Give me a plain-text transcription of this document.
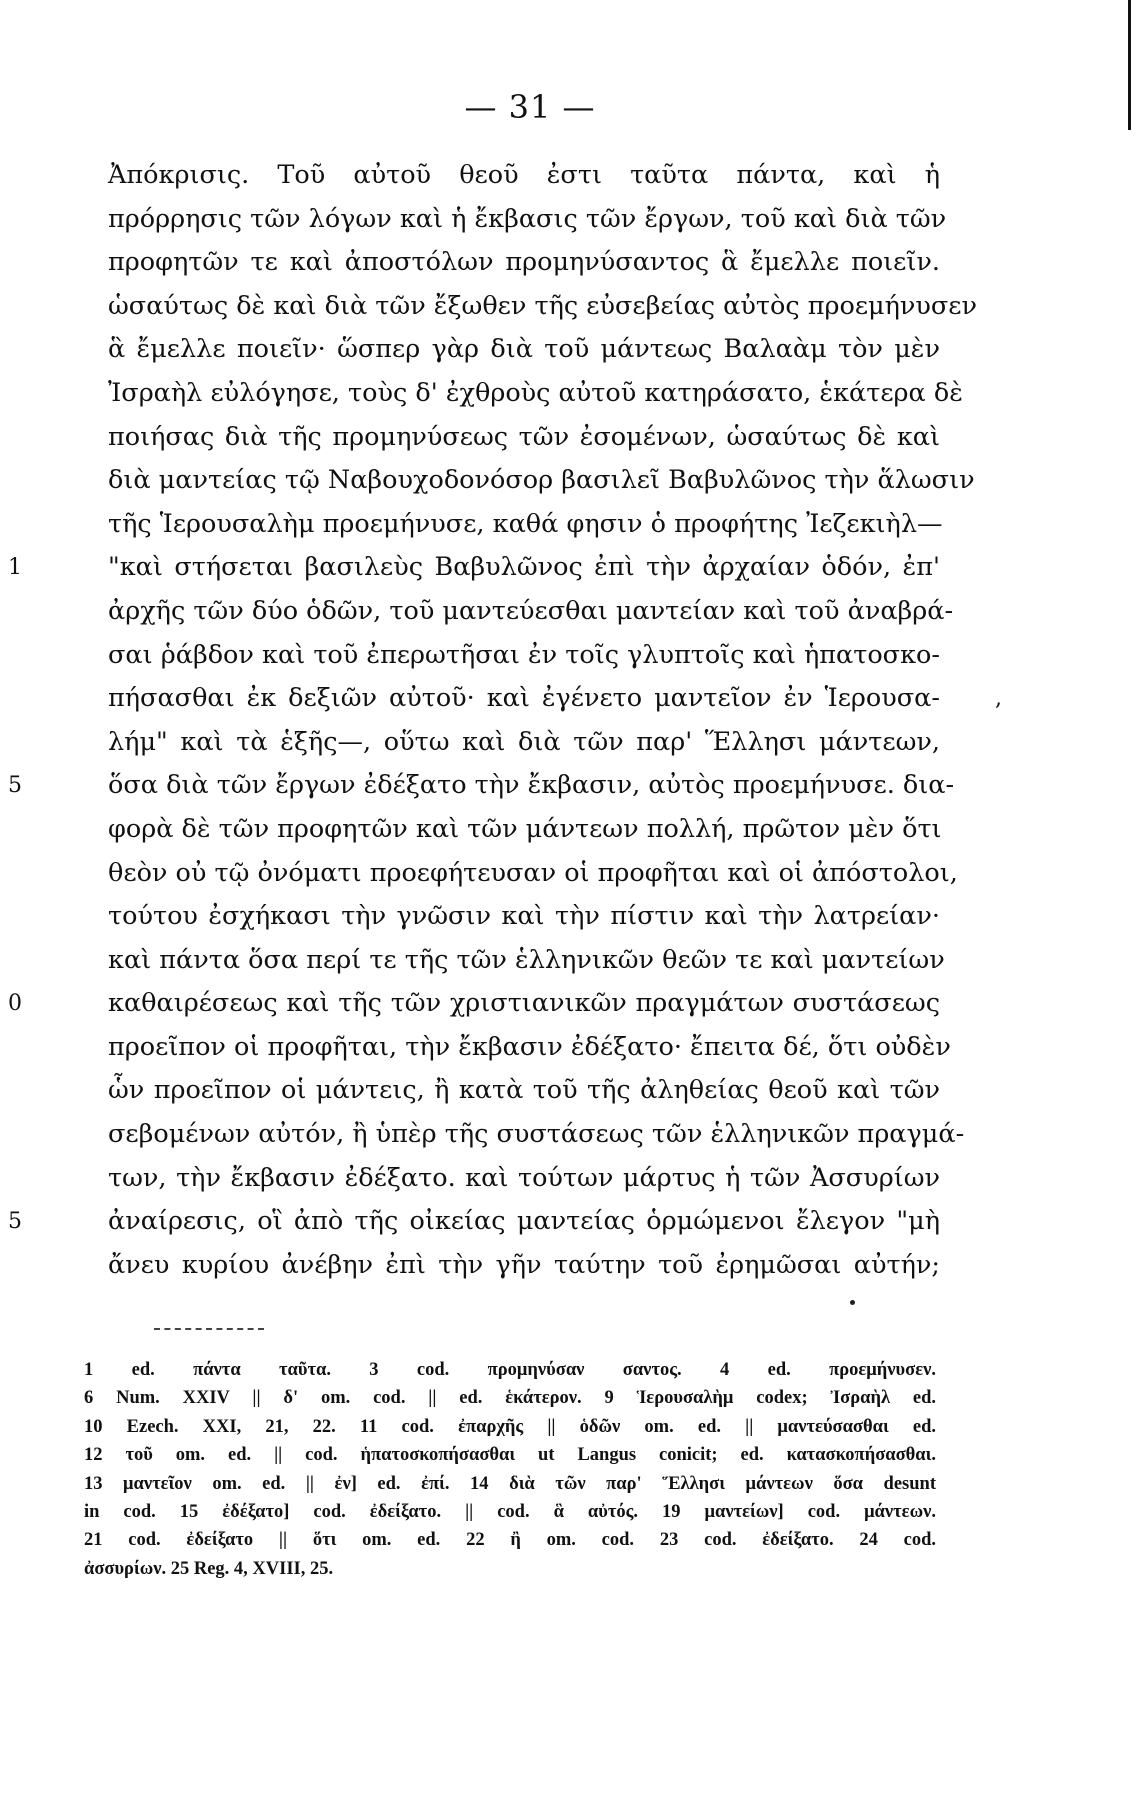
— 31 —
Ἀπόκρισις. Τοῦ αὐτοῦ θεοῦ ἐστι ταῦτα πάντα, καὶ ἡ
πρόρρησις τῶν λόγων καὶ ἡ ἔκβασις τῶν ἔργων, τοῦ καὶ διὰ τῶν
προφητῶν τε καὶ ἀποστόλων προμηνύσαντος ἃ ἔμελλε ποιεῖν.
ὡσαύτως δὲ καὶ διὰ τῶν ἔξωθεν τῆς εὐσεβείας αὐτὸς προεμήνυσεν
ἃ ἔμελλε ποιεῖν· ὥσπερ γὰρ διὰ τοῦ μάντεως Βαλαὰμ τὸν μὲν
Ἰσραὴλ εὐλόγησε, τοὺς δ' ἐχθροὺς αὐτοῦ κατηράσατο, ἑκάτερα δὲ
ποιήσας διὰ τῆς προμηνύσεως τῶν ἐσομένων, ὡσαύτως δὲ καὶ
διὰ μαντείας τῷ Ναβουχοδονόσορ βασιλεῖ Βαβυλῶνος τὴν ἅλωσιν
τῆς Ἱερουσαλὴμ προεμήνυσε, καθά φησιν ὁ προφήτης Ἰεζεκιὴλ—
"καὶ στήσεται βασιλεὺς Βαβυλῶνος ἐπὶ τὴν ἀρχαίαν ὁδόν, ἐπ'
1
ἀρχῆς τῶν δύο ὁδῶν, τοῦ μαντεύεσθαι μαντείαν καὶ τοῦ ἀναβρά-
σαι ῥάβδον καὶ τοῦ ἐπερωτῆσαι ἐν τοῖς γλυπτοῖς καὶ ἡπατοσκο-
πήσασθαι ἐκ δεξιῶν αὐτοῦ· καὶ ἐγένετο μαντεῖον ἐν Ἱερουσα-	,
λήμ" καὶ τὰ ἑξῆς—, οὕτω καὶ διὰ τῶν παρ' Ἕλλησι μάντεων,
ὅσα διὰ τῶν ἔργων ἐδέξατο τὴν ἔκβασιν, αὐτὸς προεμήνυσε. δια-
5
φορὰ δὲ τῶν προφητῶν καὶ τῶν μάντεων πολλή, πρῶτον μὲν ὅτι
θεὸν οὐ τῷ ὀνόματι προεφήτευσαν οἱ προφῆται καὶ οἱ ἀπόστολοι,
τούτου ἐσχήκασι τὴν γνῶσιν καὶ τὴν πίστιν καὶ τὴν λατρείαν·
καὶ πάντα ὅσα περί τε τῆς τῶν ἑλληνικῶν θεῶν τε καὶ μαντείων
καθαιρέσεως καὶ τῆς τῶν χριστιανικῶν πραγμάτων συστάσεως
0
προεῖπον οἱ προφῆται, τὴν ἔκβασιν ἐδέξατο· ἔπειτα δέ, ὅτι οὐδὲν
ὧν προεῖπον οἱ μάντεις, ἢ κατὰ τοῦ τῆς ἀληθείας θεοῦ καὶ τῶν
σεβομένων αὐτόν, ἢ ὑπὲρ τῆς συστάσεως τῶν ἑλληνικῶν πραγμά-
των, τὴν ἔκβασιν ἐδέξατο. καὶ τούτων μάρτυς ἡ τῶν Ἀσσυρίων
ἀναίρεσις, οἳ ἀπὸ τῆς οἰκείας μαντείας ὁρμώμενοι ἔλεγον "μὴ
5
ἄνευ κυρίου ἀνέβην ἐπὶ τὴν γῆν ταύτην τοῦ ἐρημῶσαι αὐτήν;
1 ed. πάντα ταῦτα. 3 cod. προμηνύσαν σαντος. 4 ed. προεμήνυσεν.
6 Num. XXIV || δ' om. cod. || ed. ἑκάτερον. 9 Ἱερουσαλὴμ codex; Ἰσραὴλ ed.
10 Ezech. XXI, 21, 22. 11 cod. ἐπαρχῆς || ὁδῶν om. ed. || μαντεύσασθαι ed.
12 τοῦ om. ed. || cod. ἡπατοσκοπήσασθαι ut Langus conicit; ed. κατασκοπήσασθαι.
13 μαντεῖον om. ed. || ἐν] ed. ἐπί. 14 διὰ τῶν παρ' Ἕλλησι μάντεων ὅσα desunt
in cod. 15 ἐδέξατο] cod. ἐδείξατο. || cod. ἃ αὐτός. 19 μαντείων] cod. μάντεων.
21 cod. ἐδείξατο || ὅτι om. ed. 22 ἢ om. cod. 23 cod. ἐδείξατο. 24 cod.
ἀσσυρίων. 25 Reg. 4, XVIII, 25.
